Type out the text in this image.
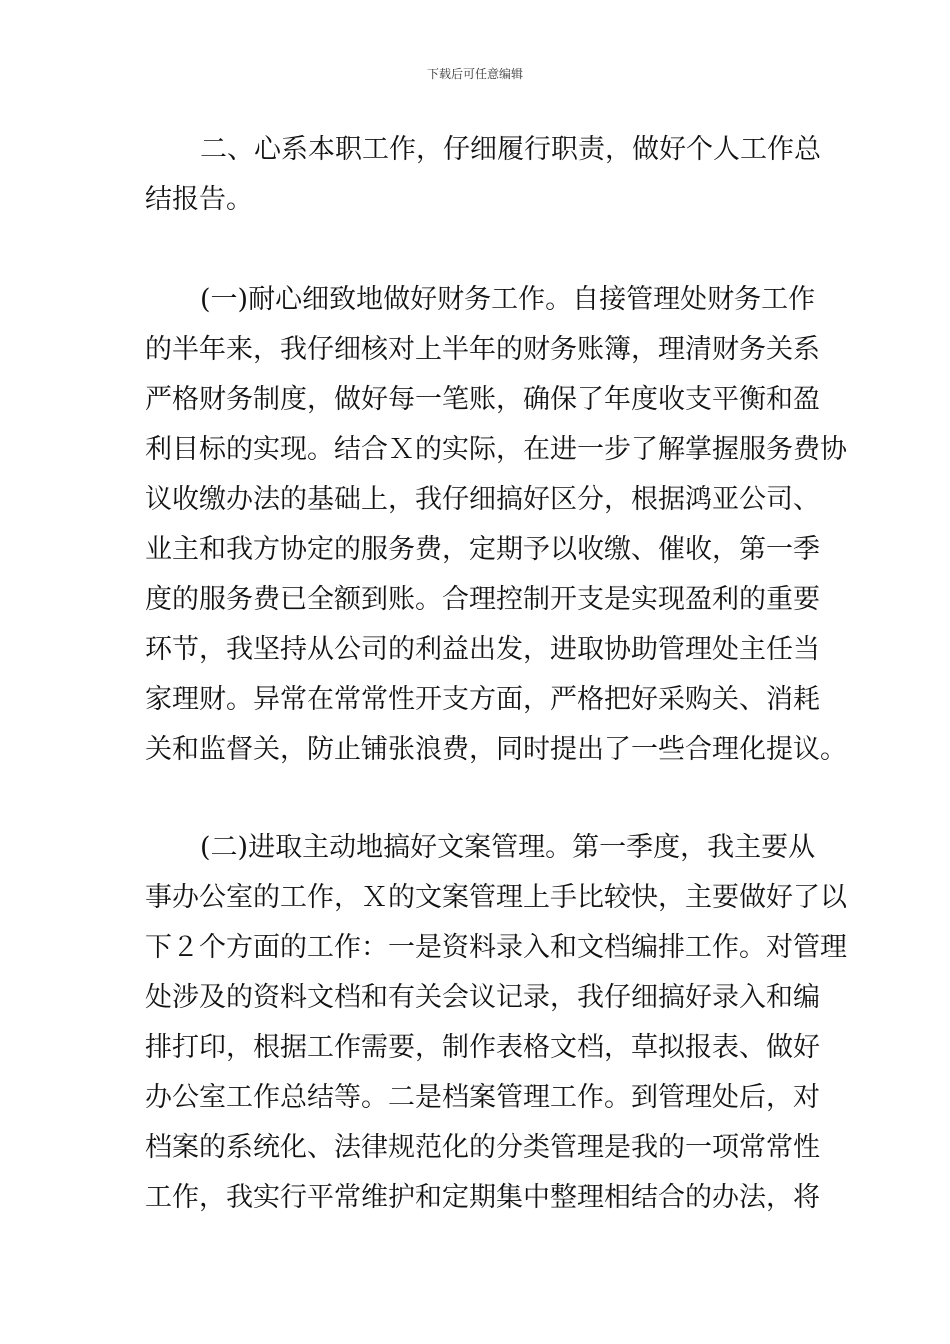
下载后可任意编辑
二、心系本职工作，仔细履行职责，做好个人工作总
结报告。
(一)耐心细致地做好财务工作。自接管理处财务工作
的半年来，我仔细核对上半年的财务账簿，理清财务关系
严格财务制度，做好每一笔账，确保了年度收支平衡和盈
利目标的实现。结合Ｘ的实际，在进一步了解掌握服务费协
议收缴办法的基础上，我仔细搞好区分，根据鸿亚公司、
业主和我方协定的服务费，定期予以收缴、催收，第一季
度的服务费已全额到账。合理控制开支是实现盈利的重要
环节，我坚持从公司的利益出发，进取协助管理处主任当
家理财。异常在常常性开支方面，严格把好采购关、消耗
关和监督关，防止铺张浪费，同时提出了一些合理化提议。
(二)进取主动地搞好文案管理。第一季度，我主要从
事办公室的工作，Ｘ的文案管理上手比较快，主要做好了以
下２个方面的工作：一是资料录入和文档编排工作。对管理
处涉及的资料文档和有关会议记录，我仔细搞好录入和编
排打印，根据工作需要，制作表格文档，草拟报表、做好
办公室工作总结等。二是档案管理工作。到管理处后，对
档案的系统化、法律规范化的分类管理是我的一项常常性
工作，我实行平常维护和定期集中整理相结合的办法，将
